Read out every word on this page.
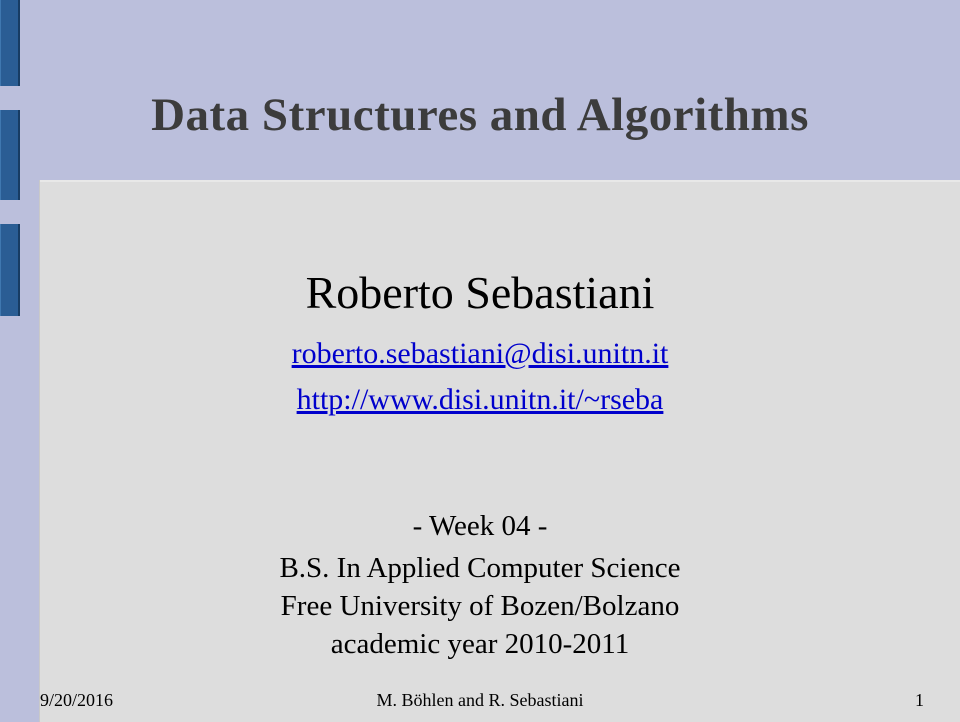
Data Structures and Algorithms
Roberto Sebastiani
roberto.sebastiani@disi.unitn.it
http://www.disi.unitn.it/~rseba
- Week 04 -
B.S. In Applied Computer Science
Free University of Bozen/Bolzano
academic year 2010-2011
M. Böhlen and R. Sebastiani
9/20/2016	1
